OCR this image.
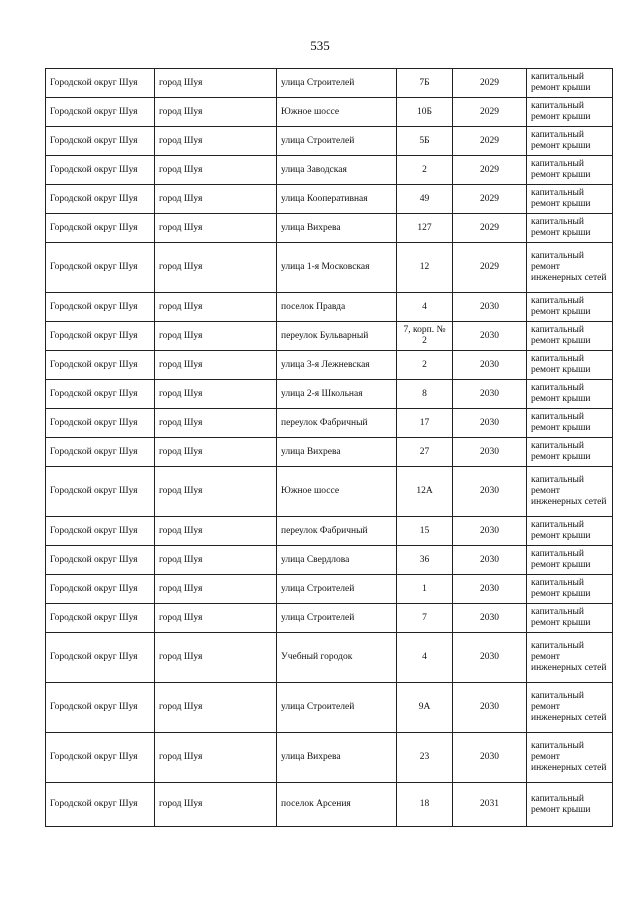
535
Городской округ Шуя	город Шуя	улица Строителей	7Б	2029	капитальный ремонт крыши
Городской округ Шуя	город Шуя	Южное шоссе	10Б	2029	капитальный ремонт крыши
Городской округ Шуя	город Шуя	улица Строителей	5Б	2029	капитальный ремонт крыши
Городской округ Шуя	город Шуя	улица Заводская	2	2029	капитальный ремонт крыши
Городской округ Шуя	город Шуя	улица Кооперативная	49	2029	капитальный ремонт крыши
Городской округ Шуя	город Шуя	улица Вихрева	127	2029	капитальный ремонт крыши
Городской округ Шуя	город Шуя	улица 1-я Московская	12	2029	капитальный ремонт инженерных сетей
Городской округ Шуя	город Шуя	поселок Правда	4	2030	капитальный ремонт крыши
Городской округ Шуя	город Шуя	переулок Бульварный	7, корп. № 2	2030	капитальный ремонт крыши
Городской округ Шуя	город Шуя	улица 3-я Лежневская	2	2030	капитальный ремонт крыши
Городской округ Шуя	город Шуя	улица 2-я Школьная	8	2030	капитальный ремонт крыши
Городской округ Шуя	город Шуя	переулок Фабричный	17	2030	капитальный ремонт крыши
Городской округ Шуя	город Шуя	улица Вихрева	27	2030	капитальный ремонт крыши
Городской округ Шуя	город Шуя	Южное шоссе	12А	2030	капитальный ремонт инженерных сетей
Городской округ Шуя	город Шуя	переулок Фабричный	15	2030	капитальный ремонт крыши
Городской округ Шуя	город Шуя	улица Свердлова	36	2030	капитальный ремонт крыши
Городской округ Шуя	город Шуя	улица Строителей	1	2030	капитальный ремонт крыши
Городской округ Шуя	город Шуя	улица Строителей	7	2030	капитальный ремонт крыши
Городской округ Шуя	город Шуя	Учебный городок	4	2030	капитальный ремонт инженерных сетей
Городской округ Шуя	город Шуя	улица Строителей	9А	2030	капитальный ремонт инженерных сетей
Городской округ Шуя	город Шуя	улица Вихрева	23	2030	капитальный ремонт инженерных сетей
Городской округ Шуя	город Шуя	поселок Арсения	18	2031	капитальный ремонт крыши
